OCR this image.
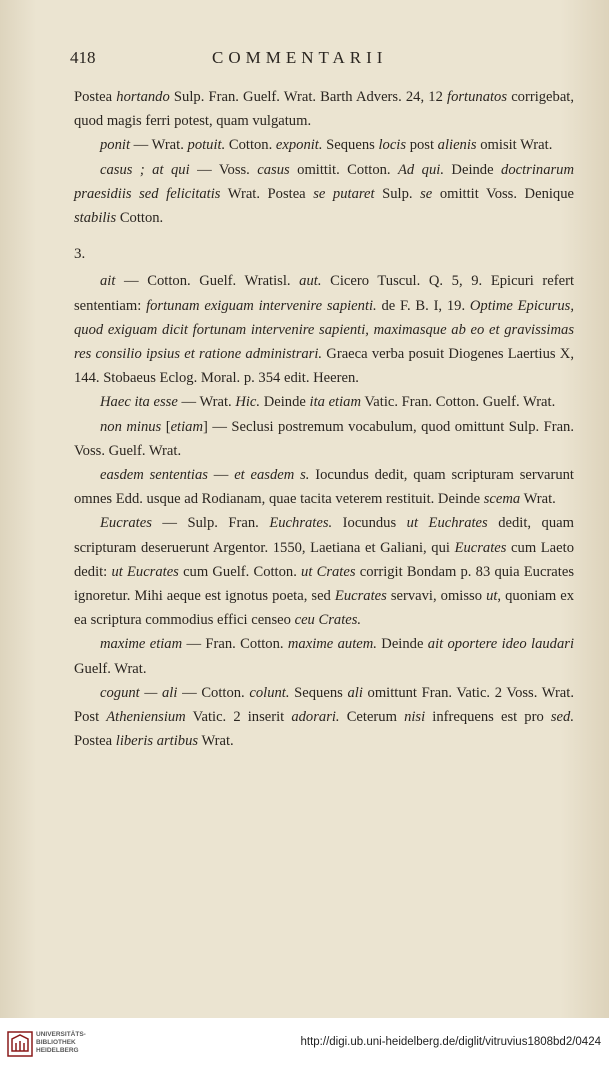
418	COMMENTARII

Postea hortando Sulp. Fran. Guelf. Wrat. Barth Advers. 24, 12 fortunatos corrigebat, quod magis ferri potest, quam vulgatum.

ponit — Wrat. potuit. Cotton. exponit. Sequens locis post alienis omisit Wrat.

casus ; at qui — Voss. casus omittit. Cotton. Ad qui. Deinde doctrinarum praesidiis sed felicitatis Wrat. Postea se putaret Sulp. se omittit Voss. Denique stabilis Cotton.

3.

ait — Cotton. Guelf. Wratisl. aut. Cicero Tuscul. Q. 5, 9. Epicuri refert sententiam: fortunam exiguam intervenire sapienti. de F. B. I, 19. Optime Epicurus, quod exiguam dicit fortunam intervenire sapienti, maximasque ab eo et gravissimas res consilio ipsius et ratione administrari. Graeca verba posuit Diogenes Laertius X, 144. Stobaeus Eclog. Moral. p. 354 edit. Heeren.

Haec ita esse — Wrat. Hic. Deinde ita etiam Vatic. Fran. Cotton. Guelf. Wrat.

non minus [etiam] — Seclusi postremum vocabulum, quod omittunt Sulp. Fran. Voss. Guelf. Wrat.

easdem sententias — et easdem s. Iocundus dedit, quam scripturam servarunt omnes Edd. usque ad Rodianam, quae tacita veterem restituit. Deinde scema Wrat.

Eucrates — Sulp. Fran. Euchrates. Iocundus ut Euchrates dedit, quam scripturam deseruerunt Argentor. 1550, Laetiana et Galiani, qui Eucrates cum Laeto dedit: ut Eucrates cum Guelf. Cotton. ut Crates corrigit Bondam p. 83 quia Eucrates ignoretur. Mihi aeque est ignotus poeta, sed Eucrates servavi, omisso ut, quoniam ex ea scriptura commodius effici censeo ceu Crates.

maxime etiam — Fran. Cotton. maxime autem. Deinde ait oportere ideo laudari Guelf. Wrat.

cogunt — ali — Cotton. colunt. Sequens ali omittunt Fran. Vatic. 2 Voss. Wrat. Post Atheniensium Vatic. 2 inserit adorari. Ceterum nisi infrequens est pro sed. Postea liberis artibus Wrat.

UNIVERSITÄTS-
BIBLIOTHEK
HEIDELBERG
http://digi.ub.uni-heidelberg.de/diglit/vitruvius1808bd2/0424
